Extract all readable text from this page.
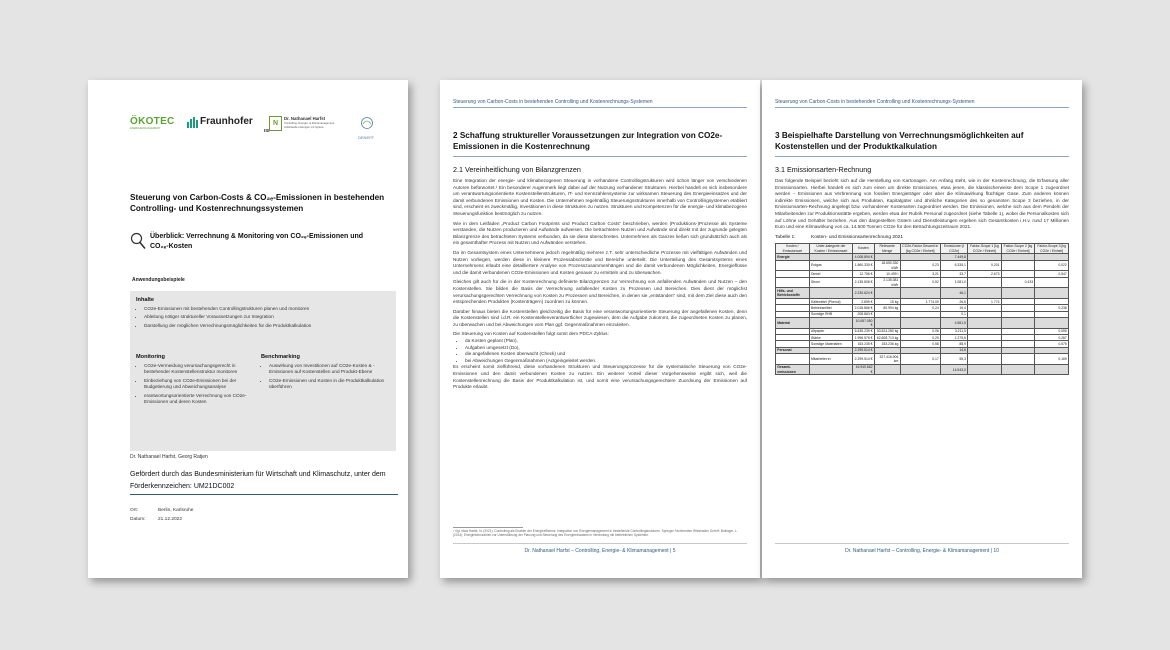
ÖKOTEC
ENERGIEMANAGEMENT
Fraunhofer
ISI
N
Dr. Nathanael Harfst
Controlling, Energie- & Klimamanagement
Individuelle Lösungen mit System
DENEFF
Steuerung von Carbon-Costs & CO₂ₑ-Emissionen in bestehenden Controlling- und Kostenrechnungssystemen
Überblick: Verrechnung & Monitoring von CO₂ₑ-Emissionen und CO₂ₑ-Kosten
Anwendungsbeispiele
Inhalte
• CO2e-Emissionen mit bestehenden Controllingstrukturen planen und monitoren
• Ableitung nötiger struktureller Voraussetzungen zur Integration
• Darstellung der möglichen Verrechnungsmöglichkeiten für die Produktkalkulation
Monitoring
• CO2e-Vermeidung verursachungsgerecht in bestehender Kostenstellenstruktur monitoren
• Einbeziehung von CO2e-Emissionen bei der Budgetierung und Abweichungsanalyse
• erantwortungsorientierte Verrechnung von CO2e-Emissionen und deren Kosten
Benchmarking
• Auswirkung von Investitionen auf CO2e-Kosten & -Emissionen auf Kostenstellen und Produkt-Ebene
• CO2e-Emissionen und Kosten in die Produktkalkulation überführen
Dr. Nathanael Harfst, Georg Ratjen
Gefördert durch das Bundesministerium für Wirtschaft und Klimaschutz, unter dem Förderkennzeichen: UM21DC002
Ort:	Berlin, Karlsruhe
Datum:	21.12.2022
Steuerung von Carbon-Costs in bestehenden Controlling und Kostenrechnungs-Systemen
2 Schaffung struktureller Voraussetzungen zur Integration von CO2e-Emissionen in die Kostenrechnung
2.1 Vereinheitlichung von Bilanzgrenzen

Eine Integration der energie- und klimabezogenen Steuerung in vorhandene Controllingstrukturen wird schon länger von verschiedenen Autoren befürwortet.¹ Ein besonderer Augenmerk liegt dabei auf der Nutzung vorhandener Strukturen. Hierbei handelt es sich insbesondere um verantwortungsorientierte Kostenstellenstrukturen, IT- und Kennzahlensysteme zur wirksamen Steuerung des Energieeinsatzes und der damit verbundenen Emissionen und Kosten. Die Unternehmen regelmäßig Steuerungsstrukturen innerhalb von Controllingsystemen etabliert sind, erscheint es zweckmäßig, Investitionen in diese Strukturen zu nutzen. Strukturen und Kompetenzen für die energie- und klimabezogene Steuerungsfunktion bestmöglich zu nutzen.

Wie in dem Leitfaden „Product Carbon Footprints und Product Carbon Costs“ beschrieben, werden (Produktions-)Prozesse als Systeme verstanden, die Nutzen produzieren und Aufwände aufweisen. Die betrachteten Nutzen und Aufwände sind direkt mit der zugrunde gelegten Bilanzgrenze des betrachteten Systems verbunden, da sie diese überschreiten. Unternehmen als Ganzes ließen sich grundsätzlich auch als ein gesamthafter Prozess mit Nutzen und Aufwänden verstehen.

Da im Gesamtsystem eines Unternehmens jedoch regelmäßig mehrere z.T. sehr unterschiedliche Prozesse mit vielfältigen Aufwänden und Nutzen vorliegen, werden diese in kleinere Prozessabschnitte und Bereiche unterteilt. Die Unterteilung des Gesamtsystems eines Unternehmens erlaubt eine detailliertere Analyse von Prozesszusammenhängen und die damit verbundenen Möglichkeiten, Energieflüsse und die damit verbundenen CO2e-Emissionen und Kosten genauer zu ermitteln und zu überwachen.

Gleiches gilt auch für die in der Kostenrechnung definierte Bilanzgrenzen zur Verrechnung von anfallenden Aufwänden und Nutzen – den Kostenstellen. Sie bilden die Basis der Verrechnung anfallender Kosten zu Prozessen und Bereichen. Dies dient der möglichst verursachungsgerechten Verrechnung von Kosten zu Prozessen und Bereichen, in denen sie „entstanden“ sind, mit dem Ziel diese auch den entsprechenden Produkten (Kostenträgern) zuordnen zu können.

Darüber hinaus bieten die Kostenstellen gleichzeitig die Basis für eine verantwortungsorientierte Steuerung der angefallenen Kosten, denn die Kostenstellen sind i.d.R. ein Kostenstellenverantwortlicher zugewiesen, dem die Aufgabe zukommt, die zugeordneten Kosten zu planen, zu überwachen und bei Abweichungen vom Plan ggf. Gegenmaßnahmen einzuleiten.

Die Steuerung von Kosten auf Kostenstellen folgt somit dem PDCA-Zyklus:

• da Kosten geplant (Plan),
• Aufgaben umgesetzt (Do),
• die angefallenen Kosten überwacht (Check) und
• bei Abweichungen Gegenmaßnahmen (Actgeingeleitet werden.

Es erscheint somit zielführend, diese vorhandenen Strukturen und Steuerungsprozesse für die systematische Steuerung von CO2e-Emissionen und den damit verbundenen Kosten zu nutzen. Ein weiterer Vorteil dieser Vorgehensweise ergibt sich, weil die Kostenstellenrechnung die Basis der Produktkalkulation ist, und somit eine verursachungsgerechtere Zuordnung der Emissionen auf Produkte erlaubt.

¹ Vgl. etwa Harfst, N. (2021). Controlling als Enabler der Energieeffizienz: Integration von Energiemanagement in bestehende Controllingstrukturen. Springer Fachmedien Wiesbaden GmbH; Bullinger, L. (2014). Energiekennzahlen zur Unterstützung der Planung und Steuerung des Energieeinsatzes in Verbindung mit betrieblichen Systemen.
Dr. Nathanael Harfst – Controlling, Energie- & Klimamanagement | 5
Steuerung von Carbon-Costs in bestehenden Controlling und Kostenrechnungs-Systemen
3 Beispielhafte Darstellung von Verrechnungsmöglichkeiten auf Kostenstellen und der Produktkalkulation
3.1 Emissionsarten-Rechnung

Das folgende Beispiel bezieht sich auf die Herstellung von Kartonagen. Am Anfang steht, wie in der Kostenrechnung, die Erfassung aller Emissionsarten. Hierbei handelt es sich zum einen um direkte Emissionen, etwa jenen, die klassischerweise dem Scope 1 zugeordnet werden – Emissionen aus Verbrennung von fossilen Energieträger oder aber die Klimawirkung flüchtiger Gase. Zum anderen können indirekte Emissionen, welche sich aus Produkten, Kapitalgüter und ähnliche Kategorien des so genannten Scope 3 beziehen, in der Emissionsarten-Rechnung angelegt bzw. vorhandener Kostenarten zugeordnet werden. Die Emissionen, welche sich aus dem Pendeln der Mitarbeitenden zur Produktionsstätte ergeben, werden etwa der Rubrik Personal zugeordnet (siehe Tabelle 1), wobei die Personalkosten sich auf Löhne und Gehälter beziehen. Aus den dargestellten Gütern und Dienstleistungen ergeben sich Gesamtkosten i.H.v. rund 17 Millionen Euro und eine Klimawirkung von ca. 14.500 Tonnen CO2e für den Betrachtungszeitraum 2021.

Tabelle 1:	Kosten- und Emissionsartenrechnung 2021
Kosten / Emissionsart	Unter-kategorie der Kosten / Emissionsart	Kosten	Relevante Menge	CO2e-Faktor Gesamt in [kg CO2e / Einheit]	Emissionen [t CO2e]	Faktor-Scope 1 [kg CO2e / Einheit]	Faktor-Scope 2 [kg CO2e / Einheit]	Faktor-Scope 3 [kg CO2e / Einheit]
Energie		4.008.894 €			7.449,8			
	Erdgas	1.860.330 €	18.650.330 kWh	0,23	6.335,1	0,201		0,022
	Diesel	12.756 €	10.499 l	3,21	33,7	2,673		0,547
	Strom	2.135.808 €	2.135.381 kWh	0,52	1.081,0		0,433	
Hilfs- und Betriebsstoffe		2.230.624 €			46,1			
	Kältemittel (Phenol)	2.895 €	15 kg	1.774,00	26,6	1.774		
	Betriebsmittel	2.018.866 €	80.994 kg	0,24	19,4			0,238
	Sonstige RHB	208.863 €			0,1			
Material		10.087.050 €			4.581,5			
	Altpapier	6.635.239 €	53.524.280 kg	0,06	3.211,5			0,055
	Stärke	1.996.576 €	62.608.713 kg	0,29	1.275,6			0,287
	Sonstige Materialien	153.235 €	153.236 kg	0,58	88,9			0,575
Personal		2.299.514 €			14,6			
	Mitarbeiter:in	2.299.514 €	327.416.906 km	0,17	55,3			0,169
Gesamt-emissionen		16.940.662 €			14.543,0			
Dr. Nathanael Harfst – Controlling, Energie- & Klimamanagement | 10
